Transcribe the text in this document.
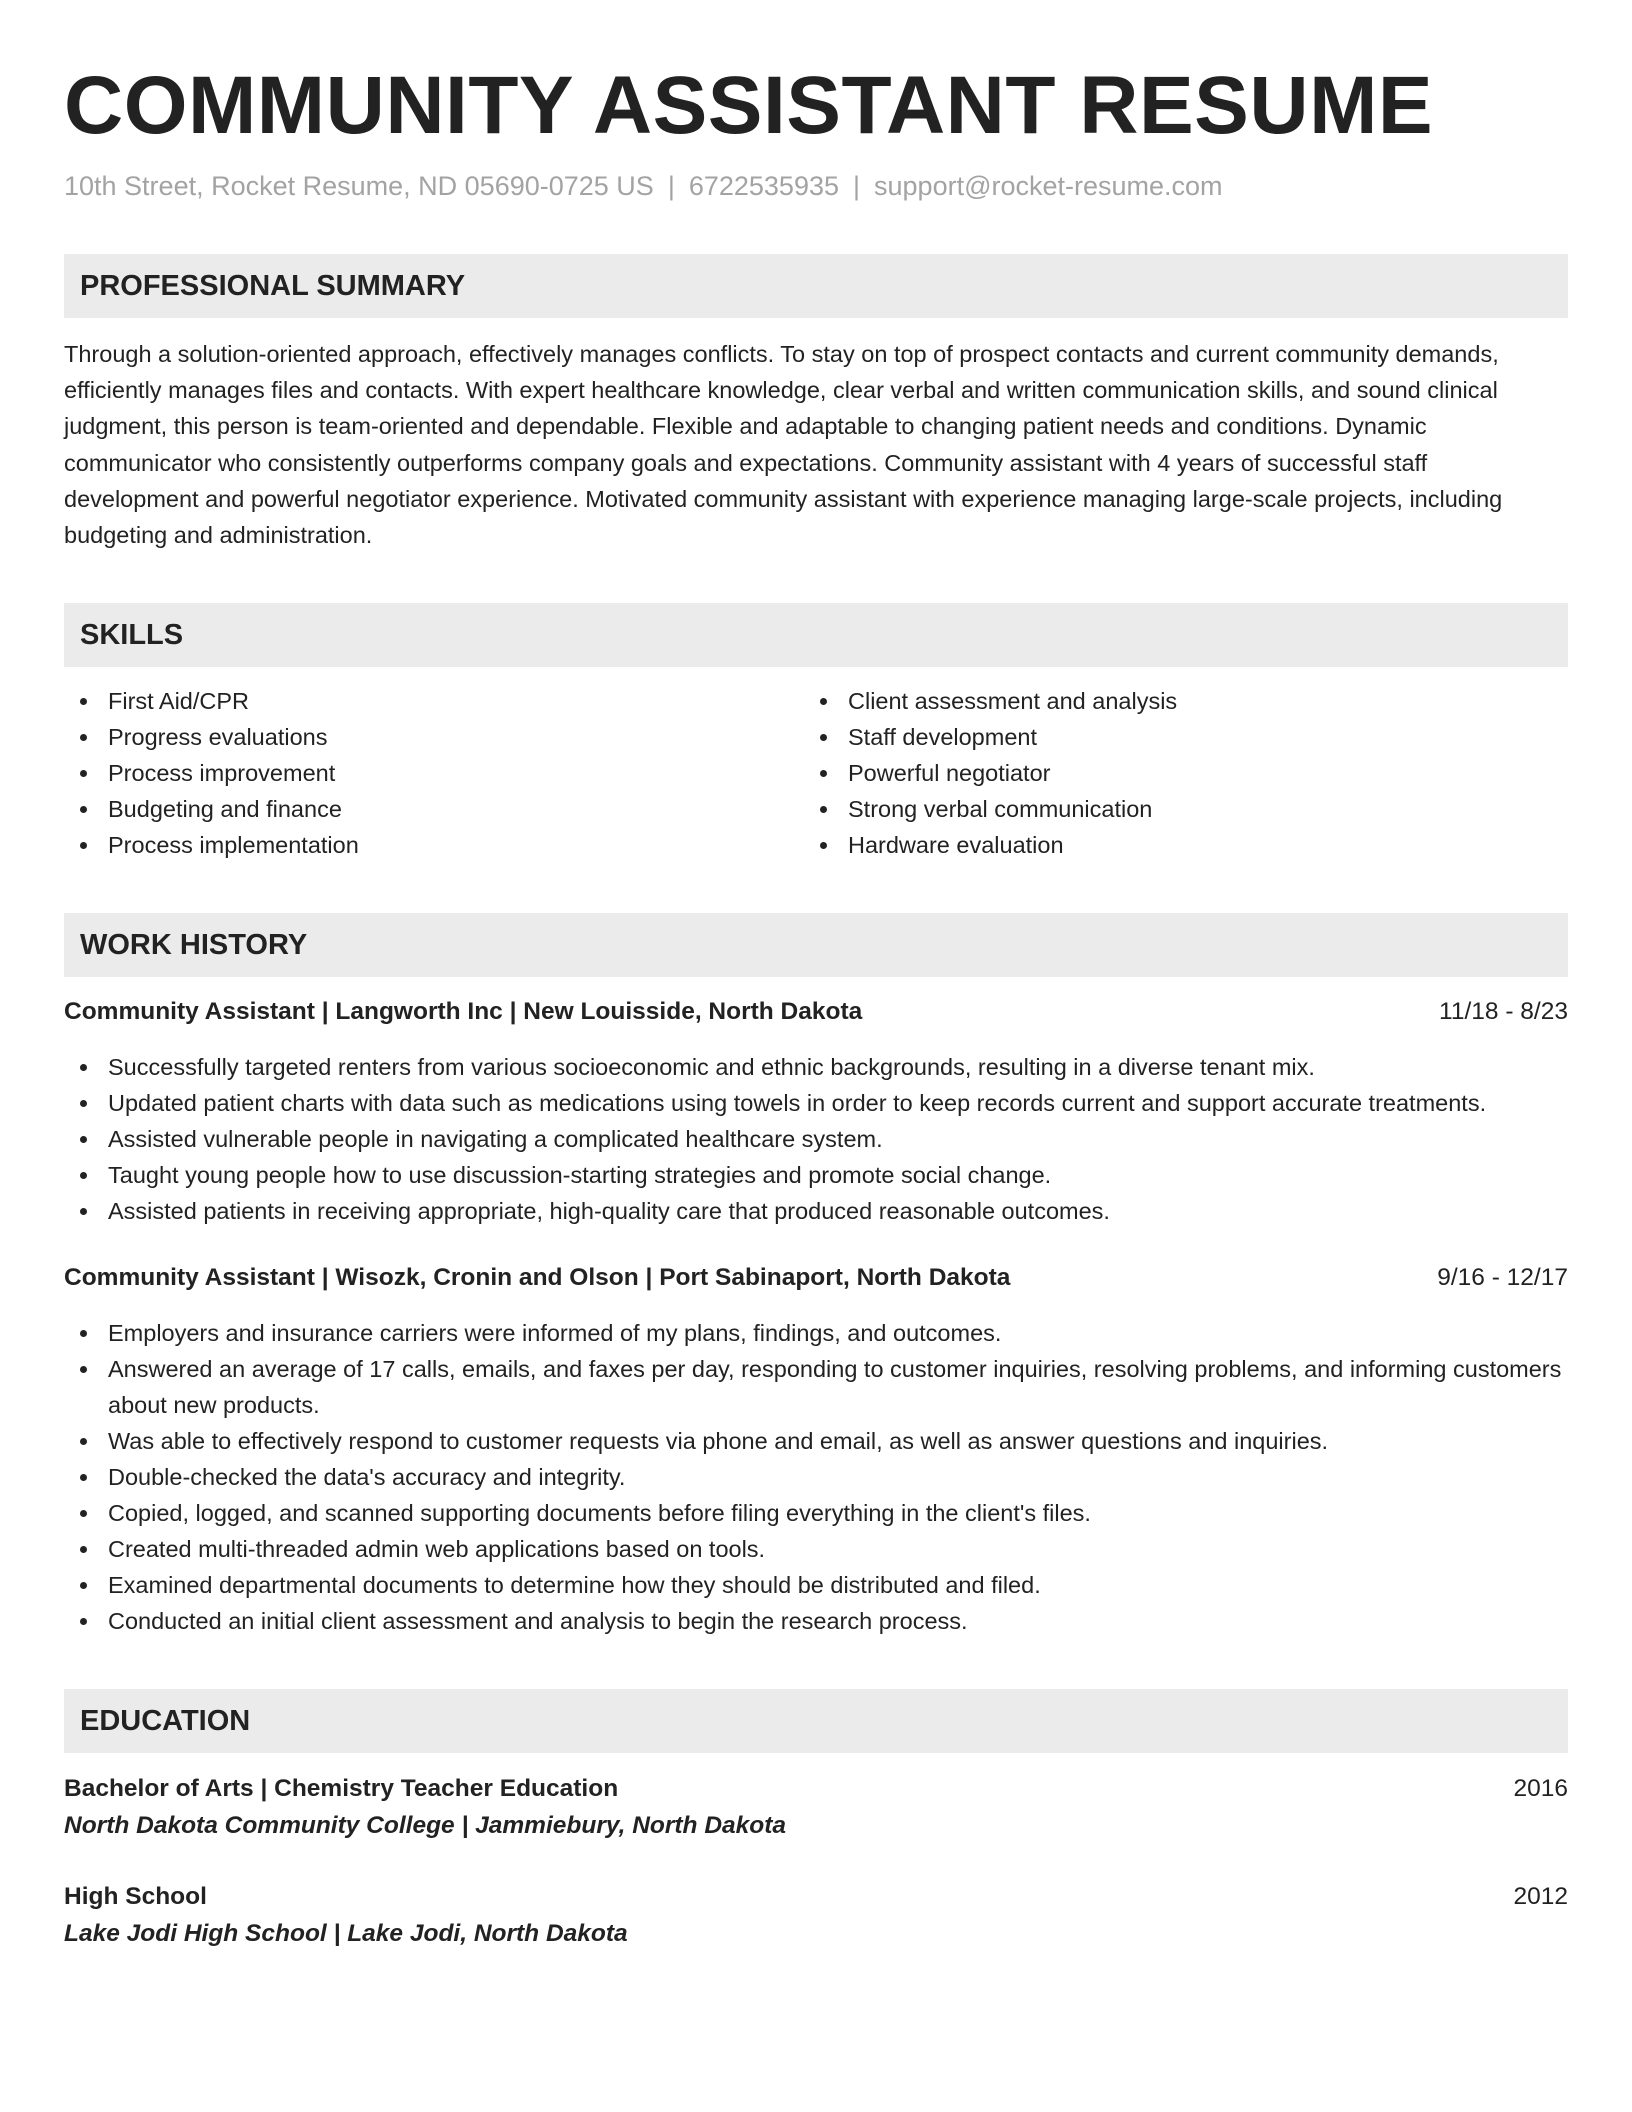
COMMUNITY ASSISTANT RESUME
10th Street, Rocket Resume, ND 05690-0725 US | 6722535935 | support@rocket-resume.com
PROFESSIONAL SUMMARY

Through a solution-oriented approach, effectively manages conflicts. To stay on top of prospect contacts and current community demands, efficiently manages files and contacts. With expert healthcare knowledge, clear verbal and written communication skills, and sound clinical judgment, this person is team-oriented and dependable. Flexible and adaptable to changing patient needs and conditions. Dynamic communicator who consistently outperforms company goals and expectations. Community assistant with 4 years of successful staff development and powerful negotiator experience. Motivated community assistant with experience managing large-scale projects, including budgeting and administration.

SKILLS
First Aid/CPR
Progress evaluations
Process improvement
Budgeting and finance
Process implementation
Client assessment and analysis
Staff development
Powerful negotiator
Strong verbal communication
Hardware evaluation
WORK HISTORY
Community Assistant | Langworth Inc | New Louisside, North Dakota	11/18 - 8/23
Successfully targeted renters from various socioeconomic and ethnic backgrounds, resulting in a diverse tenant mix.
Updated patient charts with data such as medications using towels in order to keep records current and support accurate treatments.
Assisted vulnerable people in navigating a complicated healthcare system.
Taught young people how to use discussion-starting strategies and promote social change.
Assisted patients in receiving appropriate, high-quality care that produced reasonable outcomes.
Community Assistant | Wisozk, Cronin and Olson | Port Sabinaport, North Dakota	9/16 - 12/17
Employers and insurance carriers were informed of my plans, findings, and outcomes.
Answered an average of 17 calls, emails, and faxes per day, responding to customer inquiries, resolving problems, and informing customers about new products.
Was able to effectively respond to customer requests via phone and email, as well as answer questions and inquiries.
Double-checked the data's accuracy and integrity.
Copied, logged, and scanned supporting documents before filing everything in the client's files.
Created multi-threaded admin web applications based on tools.
Examined departmental documents to determine how they should be distributed and filed.
Conducted an initial client assessment and analysis to begin the research process.
EDUCATION
Bachelor of Arts | Chemistry Teacher Education	2016
North Dakota Community College | Jammiebury, North Dakota
High School	2012
Lake Jodi High School | Lake Jodi, North Dakota
